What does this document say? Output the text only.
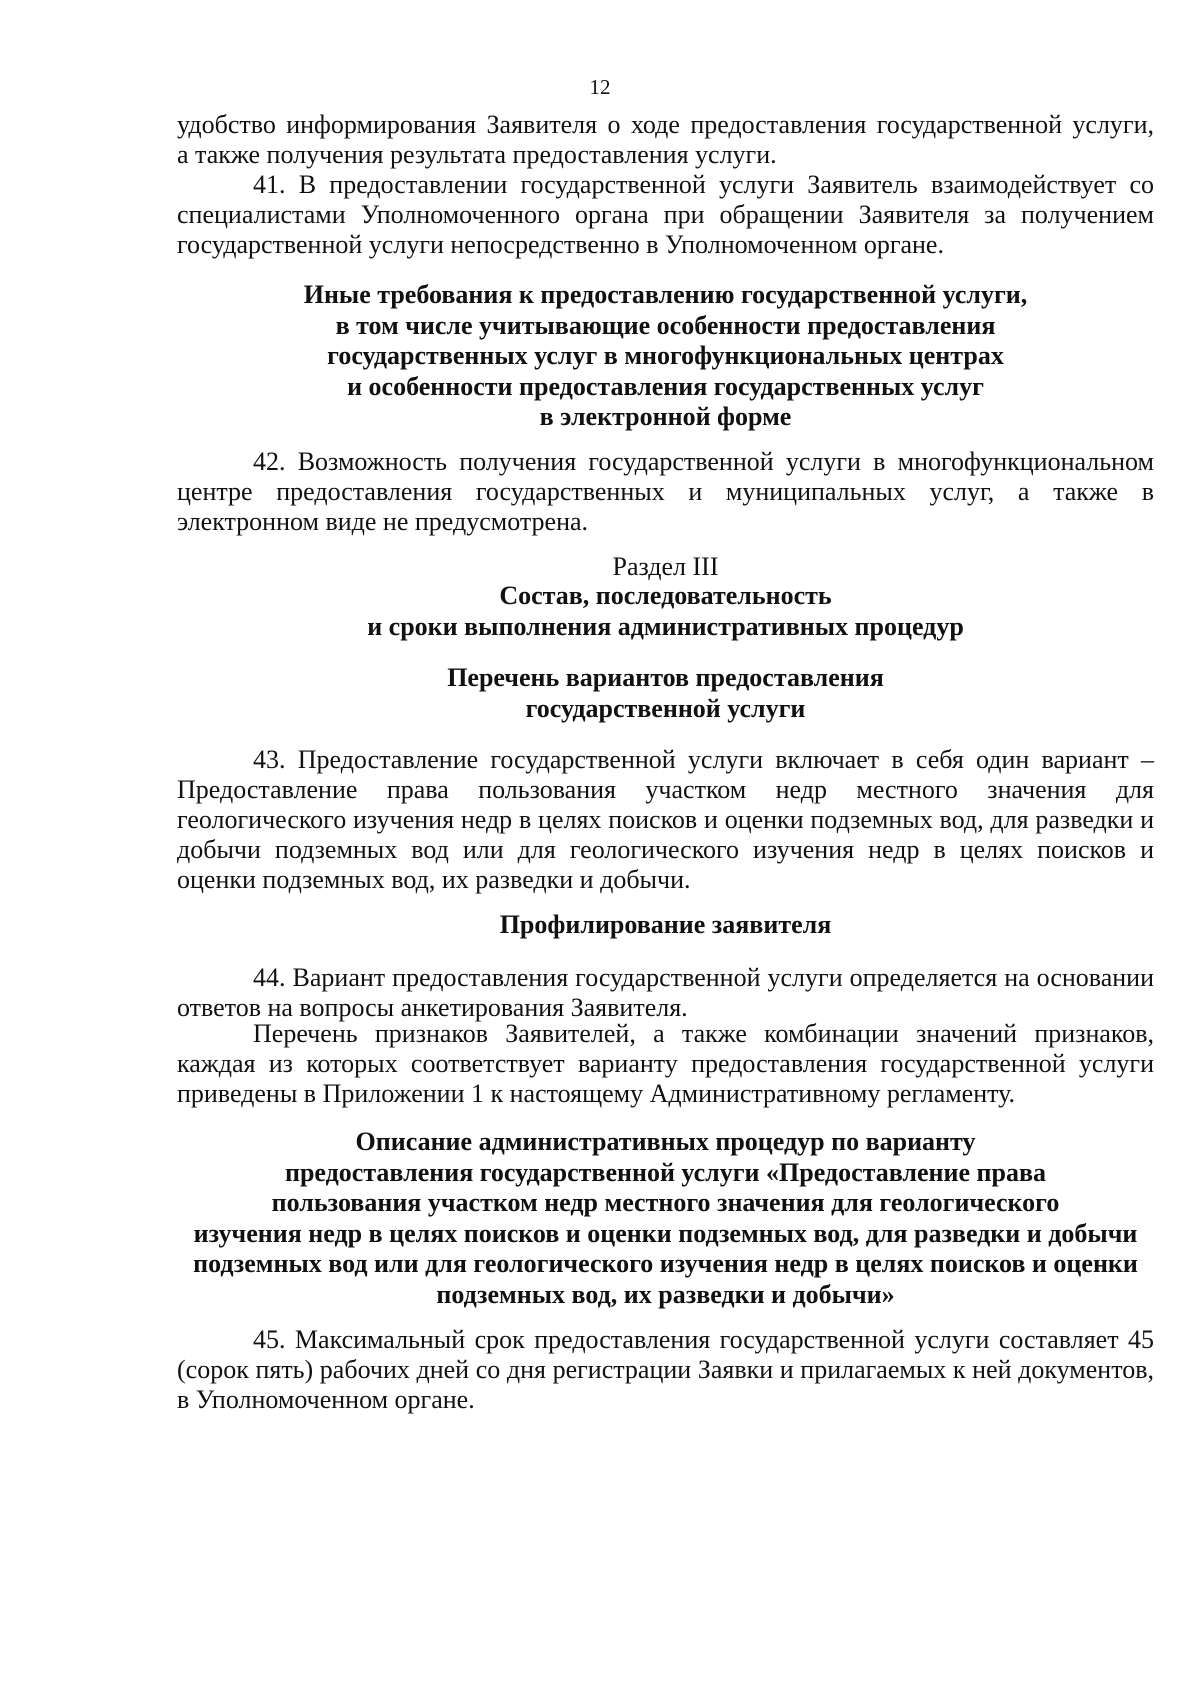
12
удобство информирования Заявителя о ходе предоставления государственной услуги,
а также получения результата предоставления услуги.

41. В предоставлении государственной услуги Заявитель взаимодействует со специалистами Уполномоченного органа при обращении Заявителя за получением государственной услуги непосредственно в Уполномоченном органе.

Иные требования к предоставлению государственной услуги,
в том числе учитывающие особенности предоставления
государственных услуг в многофункциональных центрах
и особенности предоставления государственных услуг
в электронной форме

42. Возможность получения государственной услуги в многофункциональном центре предоставления государственных и муниципальных услуг, а также в электронном виде не предусмотрена.

Раздел III
Состав, последовательность
и сроки выполнения административных процедур
Перечень вариантов предоставления
государственной услуги

43. Предоставление государственной услуги включает в себя один вариант – Предоставление права пользования участком недр местного значения для геологического изучения недр в целях поисков и оценки подземных вод, для разведки и добычи подземных вод или для геологического изучения недр в целях поисков и оценки подземных вод, их разведки и добычи.

Профилирование заявителя

44. Вариант предоставления государственной услуги определяется на основании ответов на вопросы анкетирования Заявителя.

Перечень признаков Заявителей, а также комбинации значений признаков, каждая из которых соответствует варианту предоставления государственной услуги приведены в Приложении 1 к настоящему Административному регламенту.

Описание административных процедур по варианту
предоставления государственной услуги «Предоставление права
пользования участком недр местного значения для геологического
изучения недр в целях поисков и оценки подземных вод, для разведки и добычи
подземных вод или для геологического изучения недр в целях поисков и оценки
подземных вод, их разведки и добычи»

45. Максимальный срок предоставления государственной услуги составляет 45 (сорок пять) рабочих дней со дня регистрации Заявки и прилагаемых к ней документов, в Уполномоченном органе.
